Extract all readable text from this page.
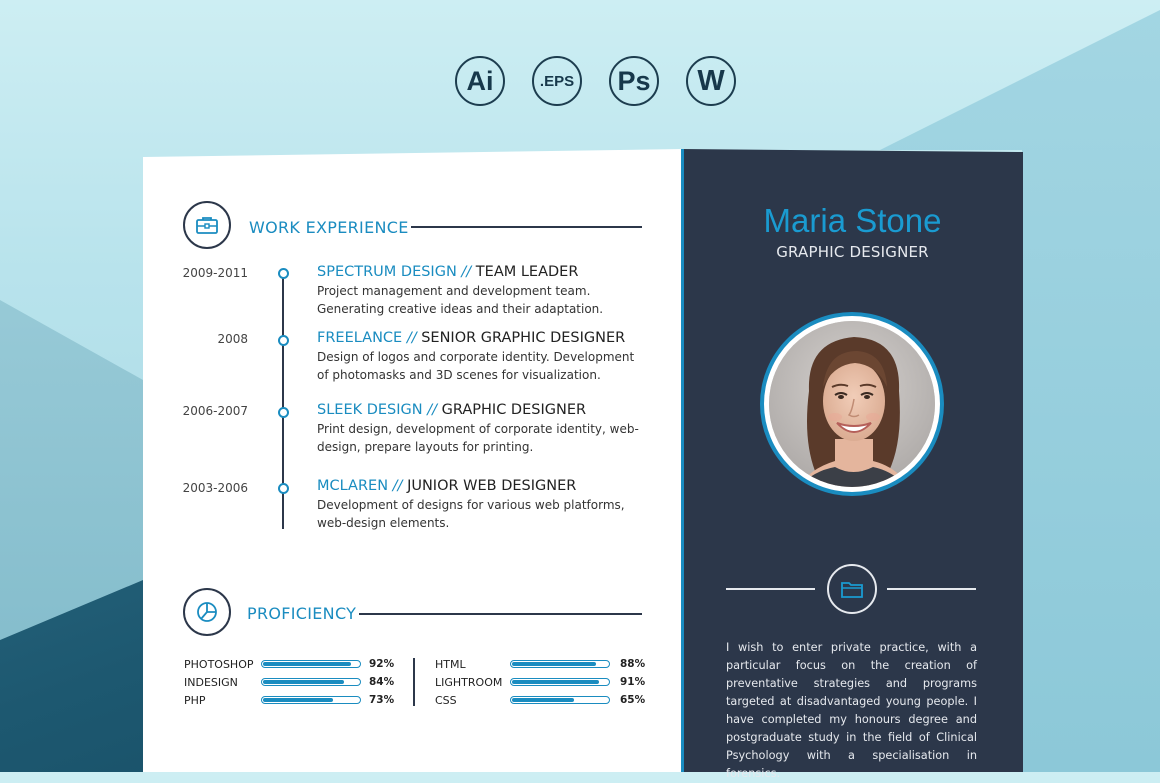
Ai	.EPS	Ps	W
WORK EXPERIENCE
2009-2011	SPECTRUM DESIGN // TEAM LEADER
Project management and development team. Generating creative ideas and their adaptation.
2008	FREELANCE // SENIOR GRAPHIC DESIGNER
Design of logos and corporate identity. Development of photomasks and 3D scenes for visualization.
2006-2007	SLEEK DESIGN // GRAPHIC DESIGNER
Print design, development of corporate identity, web-design, prepare layouts for printing.
2003-2006	MCLAREN // JUNIOR WEB DESIGNER
Development of designs for various web platforms, web-design elements.
PROFICIENCY
PHOTOSHOP	92%
INDESIGN	84%
PHP	73%
HTML	88%
LIGHTROOM	91%
CSS	65%
Maria Stone
GRAPHIC DESIGNER
I wish to enter private practice, with a particular focus on the creation of preventative strategies and programs targeted at disadvantaged young people. I have completed my honours degree and postgraduate study in the field of Clinical Psychology with a specialisation in forensics.
